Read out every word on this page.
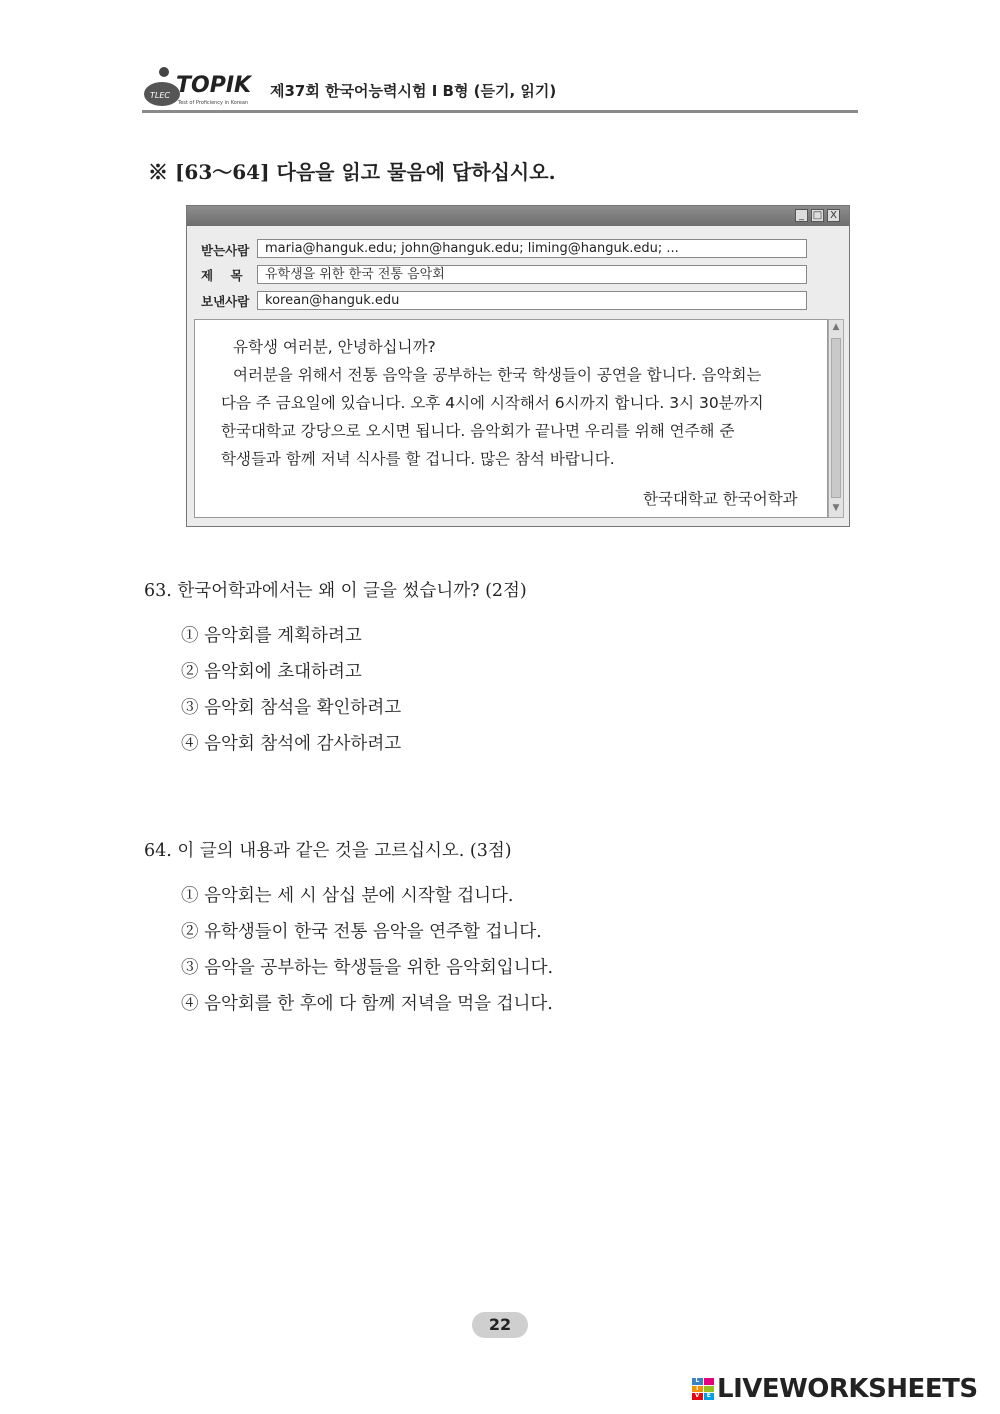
TLEC TOPIK
Test of Proficiency in Korean
제37회 한국어능력시험 I B형 (듣기, 읽기)
※ [63～64] 다음을 읽고 물음에 답하십시오.
_ □ X
받는사람	maria@hanguk.edu; john@hanguk.edu; liming@hanguk.edu; ...
제    목	유학생을 위한 한국 전통 음악회
보낸사람	korean@hanguk.edu
유학생 여러분, 안녕하십니까?
여러분을 위해서 전통 음악을 공부하는 한국 학생들이 공연을 합니다. 음악회는
다음 주 금요일에 있습니다. 오후 4시에 시작해서 6시까지 합니다. 3시 30분까지
한국대학교 강당으로 오시면 됩니다. 음악회가 끝나면 우리를 위해 연주해 준
학생들과 함께 저녁 식사를 할 겁니다. 많은 참석 바랍니다.
한국대학교 한국어학과
▲
▼
63. 한국어학과에서는 왜 이 글을 썼습니까? (2점)
① 음악회를 계획하려고
② 음악회에 초대하려고
③ 음악회 참석을 확인하려고
④ 음악회 참석에 감사하려고
64. 이 글의 내용과 같은 것을 고르십시오. (3점)
① 음악회는 세 시 삼십 분에 시작할 겁니다.
② 유학생들이 한국 전통 음악을 연주할 겁니다.
③ 음악을 공부하는 학생들을 위한 음악회입니다.
④ 음악회를 한 후에 다 함께 저녁을 먹을 겁니다.
22
L
I
V	E LIVEWORKSHEETS
